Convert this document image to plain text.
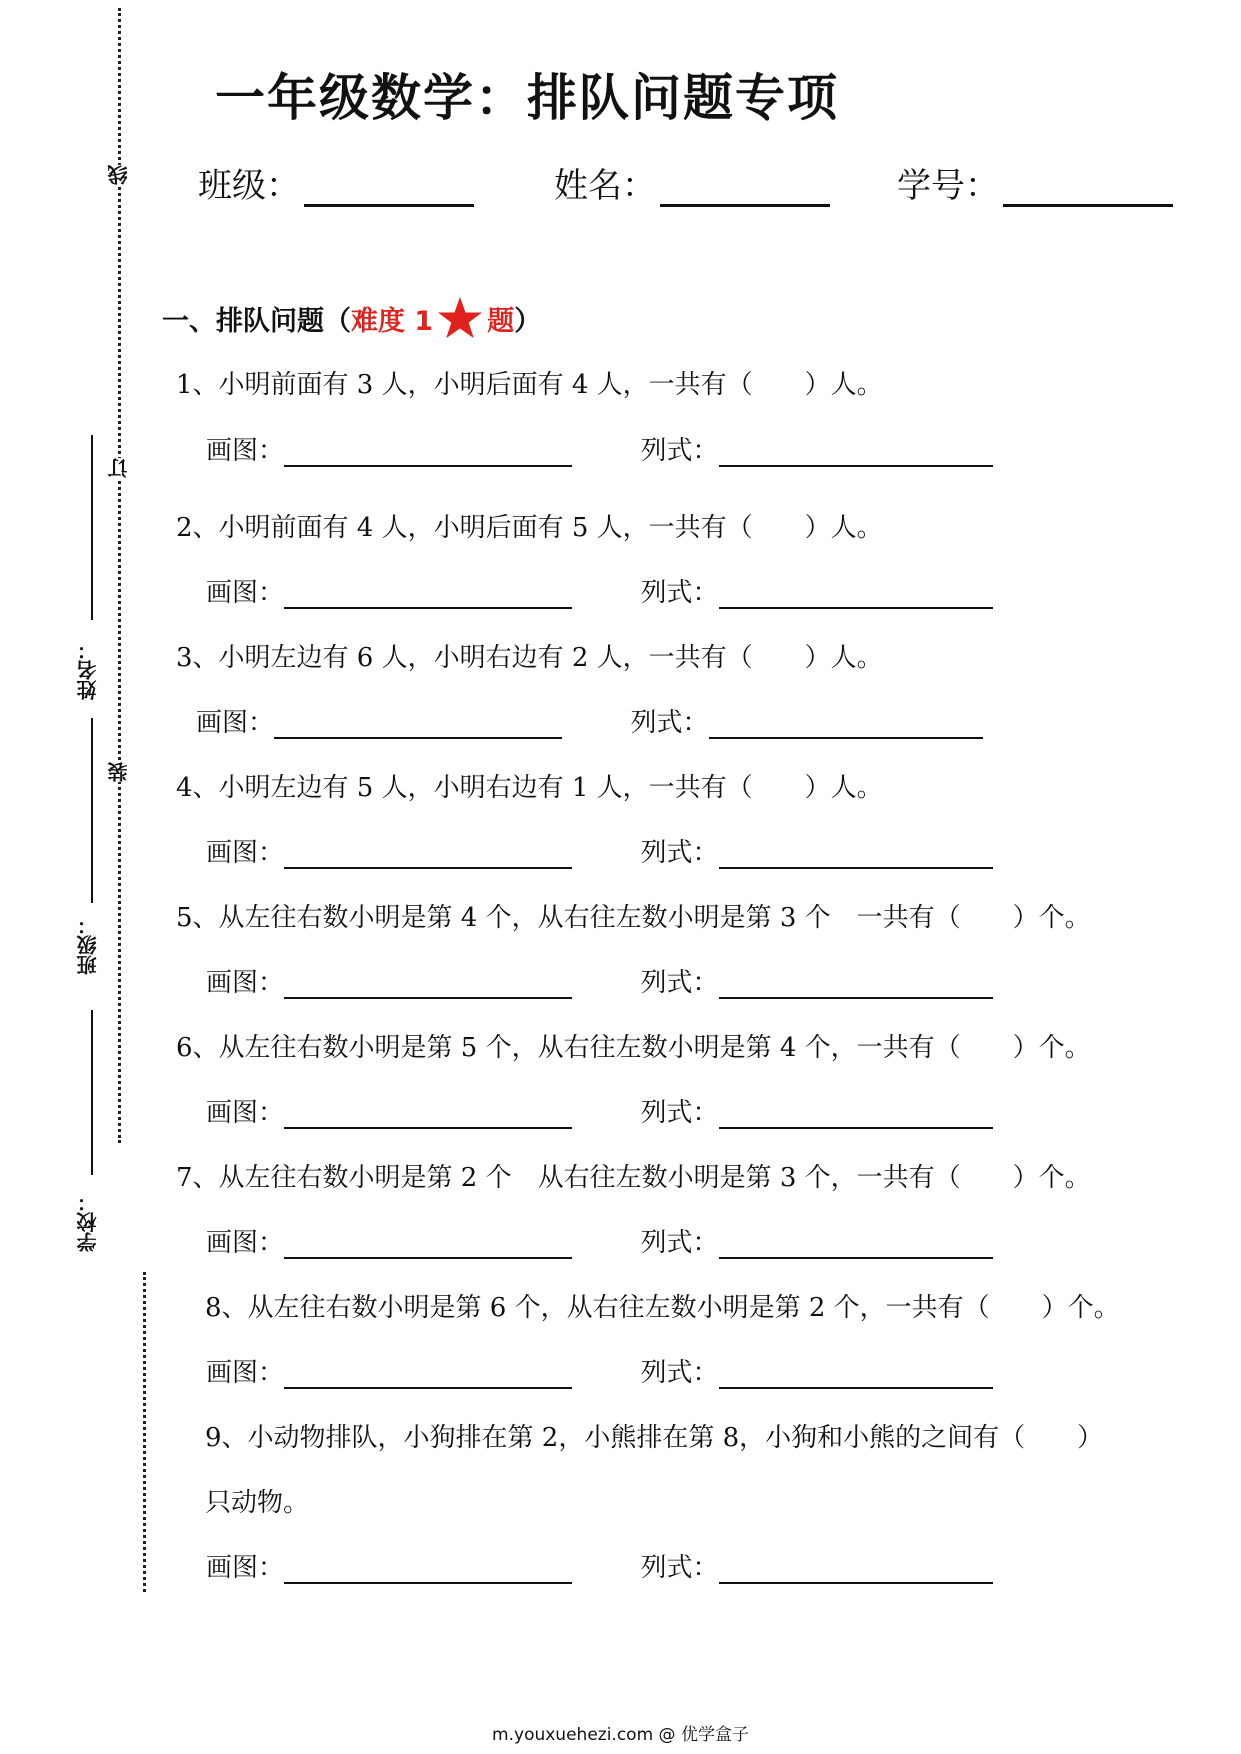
线
订
装
姓名：
班级：
学校：
一年级数学：排队问题专项
班级：	姓名：	学号：
一、排队问题（难度 1 题）
1、小明前面有 3 人，小明后面有 4 人，一共有（　　）人。
画图：	列式：
2、小明前面有 4 人，小明后面有 5 人，一共有（　　）人。
画图：	列式：
3、小明左边有 6 人，小明右边有 2 人，一共有（　　）人。
画图：	列式：
4、小明左边有 5 人，小明右边有 1 人，一共有（　　）人。
画图：	列式：
5、从左往右数小明是第 4 个，从右往左数小明是第 3 个　一共有（　　）个。
画图：	列式：
6、从左往右数小明是第 5 个，从右往左数小明是第 4 个，一共有（　　）个。
画图：	列式：
7、从左往右数小明是第 2 个　从右往左数小明是第 3 个，一共有（　　）个。
画图：	列式：
8、从左往右数小明是第 6 个，从右往左数小明是第 2 个，一共有（　　）个。
画图：	列式：
9、小动物排队，小狗排在第 2，小熊排在第 8，小狗和小熊的之间有（　　）
只动物。
画图：	列式：
m.youxuehezi.com @ 优学盒子
